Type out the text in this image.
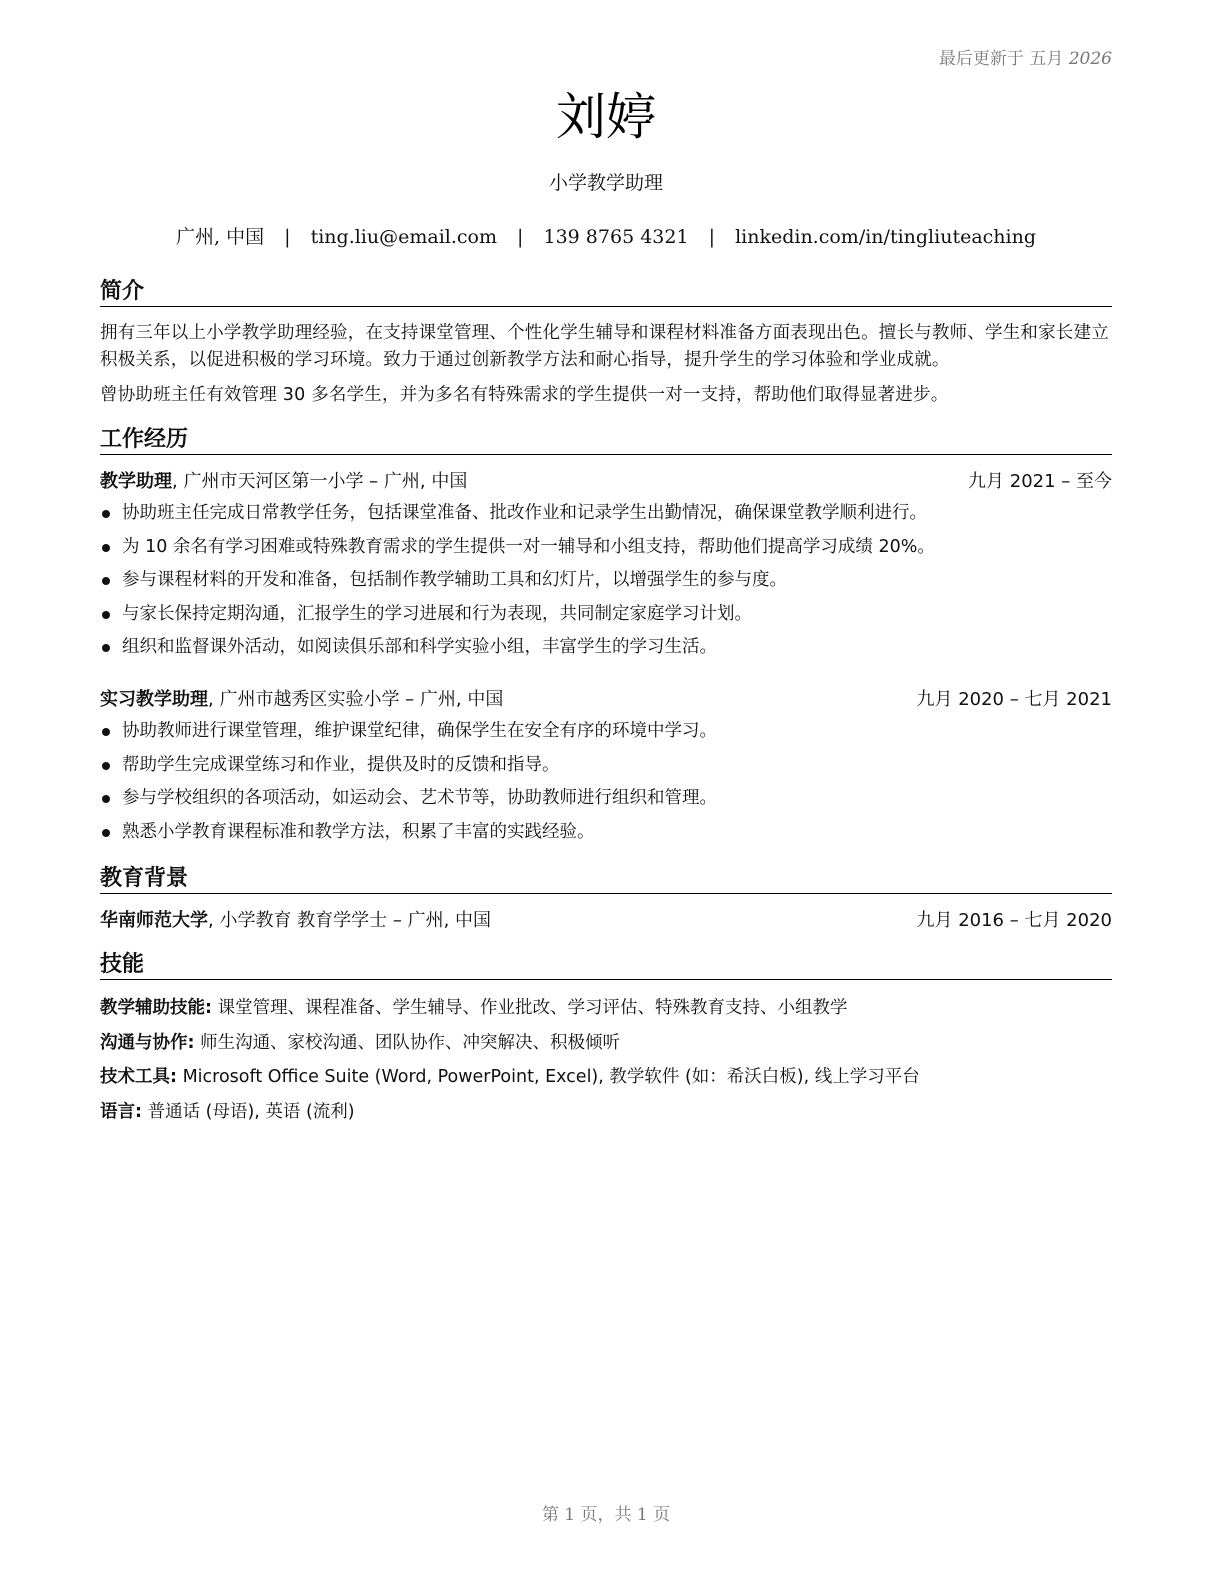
最后更新于 五月 2026
刘婷
小学教学助理
广州, 中国 | ting.liu@email.com | 139 8765 4321 | linkedin.com/in/tingliuteaching
简介

拥有三年以上小学教学助理经验，在支持课堂管理、个性化学生辅导和课程材料准备方面表现出色。擅长与教师、学生和家长建立积极关系，以促进积极的学习环境。致力于通过创新教学方法和耐心指导，提升学生的学习体验和学业成就。

曾协助班主任有效管理 30 多名学生，并为多名有特殊需求的学生提供一对一支持，帮助他们取得显著进步。

工作经历
教学助理, 广州市天河区第一小学 – 广州, 中国	九月 2021 – 至今
协助班主任完成日常教学任务，包括课堂准备、批改作业和记录学生出勤情况，确保课堂教学顺利进行。
为 10 余名有学习困难或特殊教育需求的学生提供一对一辅导和小组支持，帮助他们提高学习成绩 20%。
参与课程材料的开发和准备，包括制作教学辅助工具和幻灯片，以增强学生的参与度。
与家长保持定期沟通，汇报学生的学习进展和行为表现，共同制定家庭学习计划。
组织和监督课外活动，如阅读俱乐部和科学实验小组，丰富学生的学习生活。
实习教学助理, 广州市越秀区实验小学 – 广州, 中国	九月 2020 – 七月 2021
协助教师进行课堂管理，维护课堂纪律，确保学生在安全有序的环境中学习。
帮助学生完成课堂练习和作业，提供及时的反馈和指导。
参与学校组织的各项活动，如运动会、艺术节等，协助教师进行组织和管理。
熟悉小学教育课程标准和教学方法，积累了丰富的实践经验。
教育背景
华南师范大学, 小学教育 教育学学士 – 广州, 中国	九月 2016 – 七月 2020
技能
教学辅助技能: 课堂管理、课程准备、学生辅导、作业批改、学习评估、特殊教育支持、小组教学
沟通与协作: 师生沟通、家校沟通、团队协作、冲突解决、积极倾听
技术工具: Microsoft Office Suite (Word, PowerPoint, Excel), 教学软件 (如：希沃白板), 线上学习平台
语言: 普通话 (母语), 英语 (流利)
第 1 页，共 1 页
